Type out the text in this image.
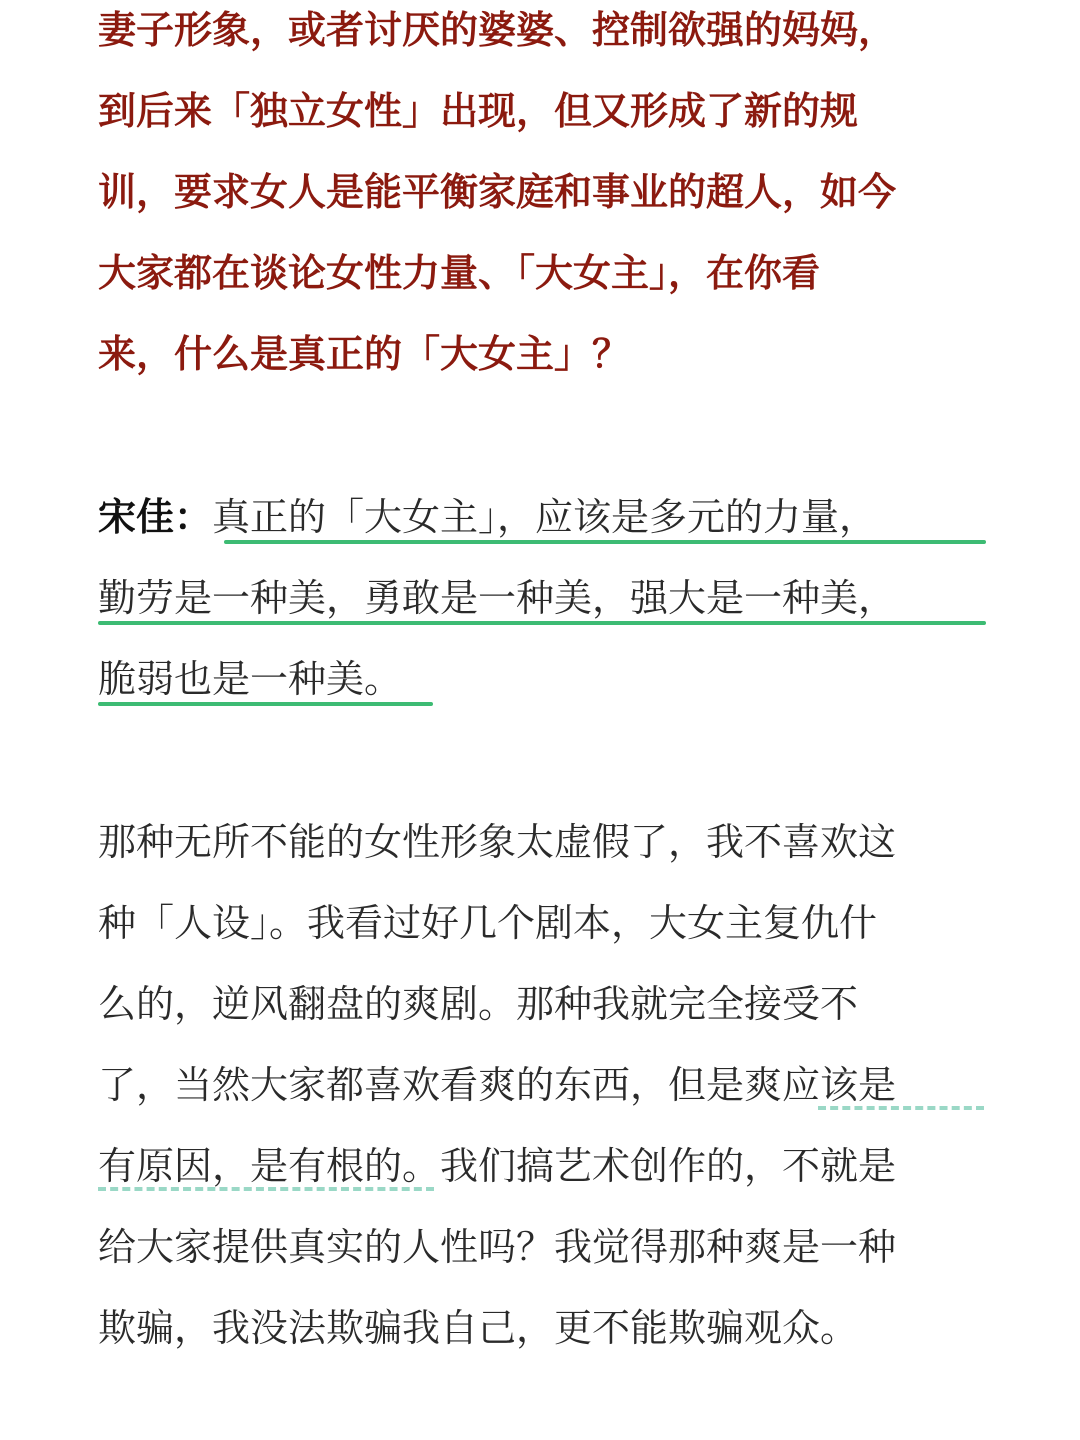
妻子形象，或者讨厌的婆婆、控制欲强的妈妈，
到后来「独立女性」出现，但又形成了新的规
训，要求女人是能平衡家庭和事业的超人，如今
大家都在谈论女性力量、「大女主」，在你看
来，什么是真正的「大女主」？
宋佳：真正的「大女主」，应该是多元的力量，
勤劳是一种美，勇敢是一种美，强大是一种美，
脆弱也是一种美。
那种无所不能的女性形象太虚假了，我不喜欢这
种「人设」。我看过好几个剧本，大女主复仇什
么的，逆风翻盘的爽剧。那种我就完全接受不
了，当然大家都喜欢看爽的东西，但是爽应该是
有原因，是有根的。我们搞艺术创作的，不就是
给大家提供真实的人性吗？我觉得那种爽是一种
欺骗，我没法欺骗我自己，更不能欺骗观众。
